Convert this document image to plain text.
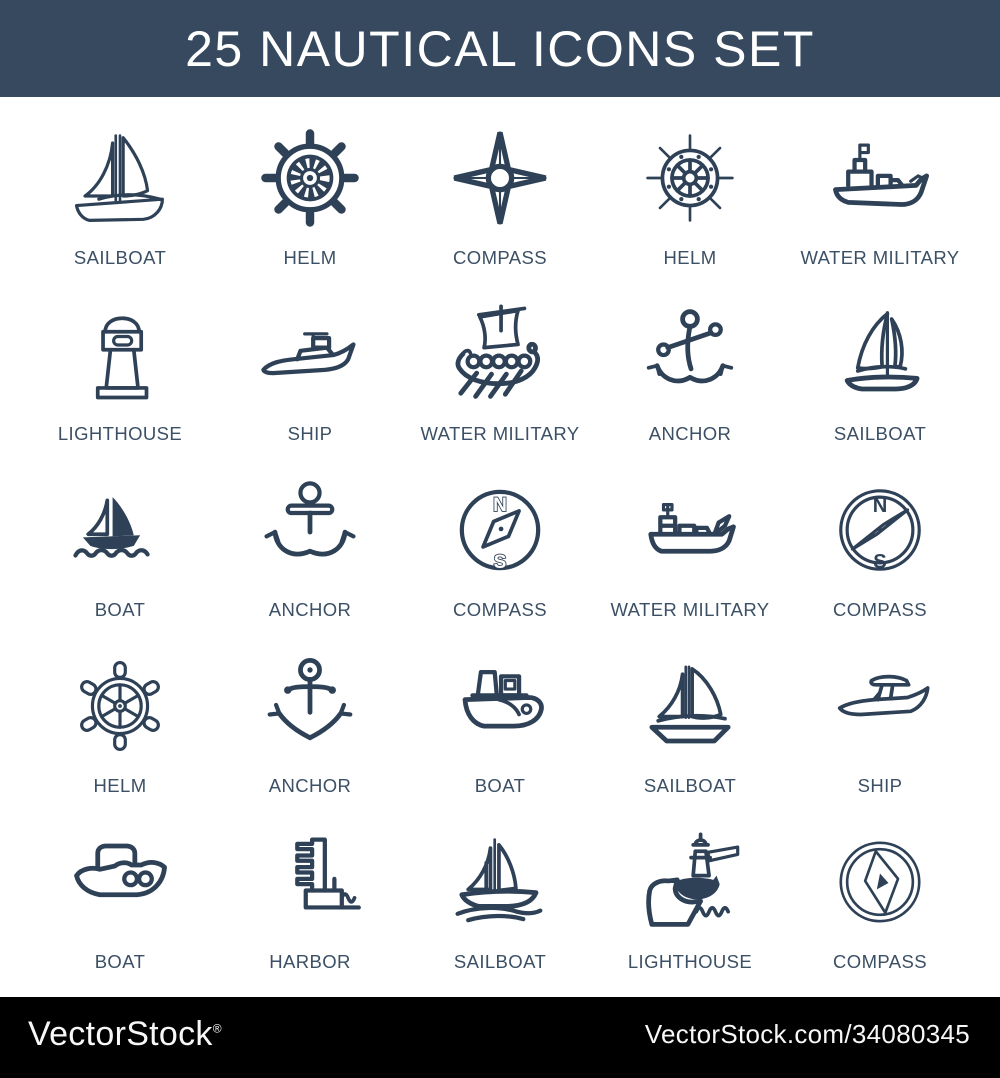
25 NAUTICAL ICONS SET
SAILBOAT	HELM	COMPASS	HELM	WATER MILITARY
LIGHTHOUSE	SHIP	WATER MILITARY	ANCHOR	SAILBOAT
BOAT	ANCHOR
N
S
COMPASS	WATER MILITARY
N
S
COMPASS
HELM	ANCHOR	BOAT	SAILBOAT	SHIP
BOAT	HARBOR	SAILBOAT	LIGHTHOUSE	COMPASS
VectorStock®	VectorStock.com/34080345
